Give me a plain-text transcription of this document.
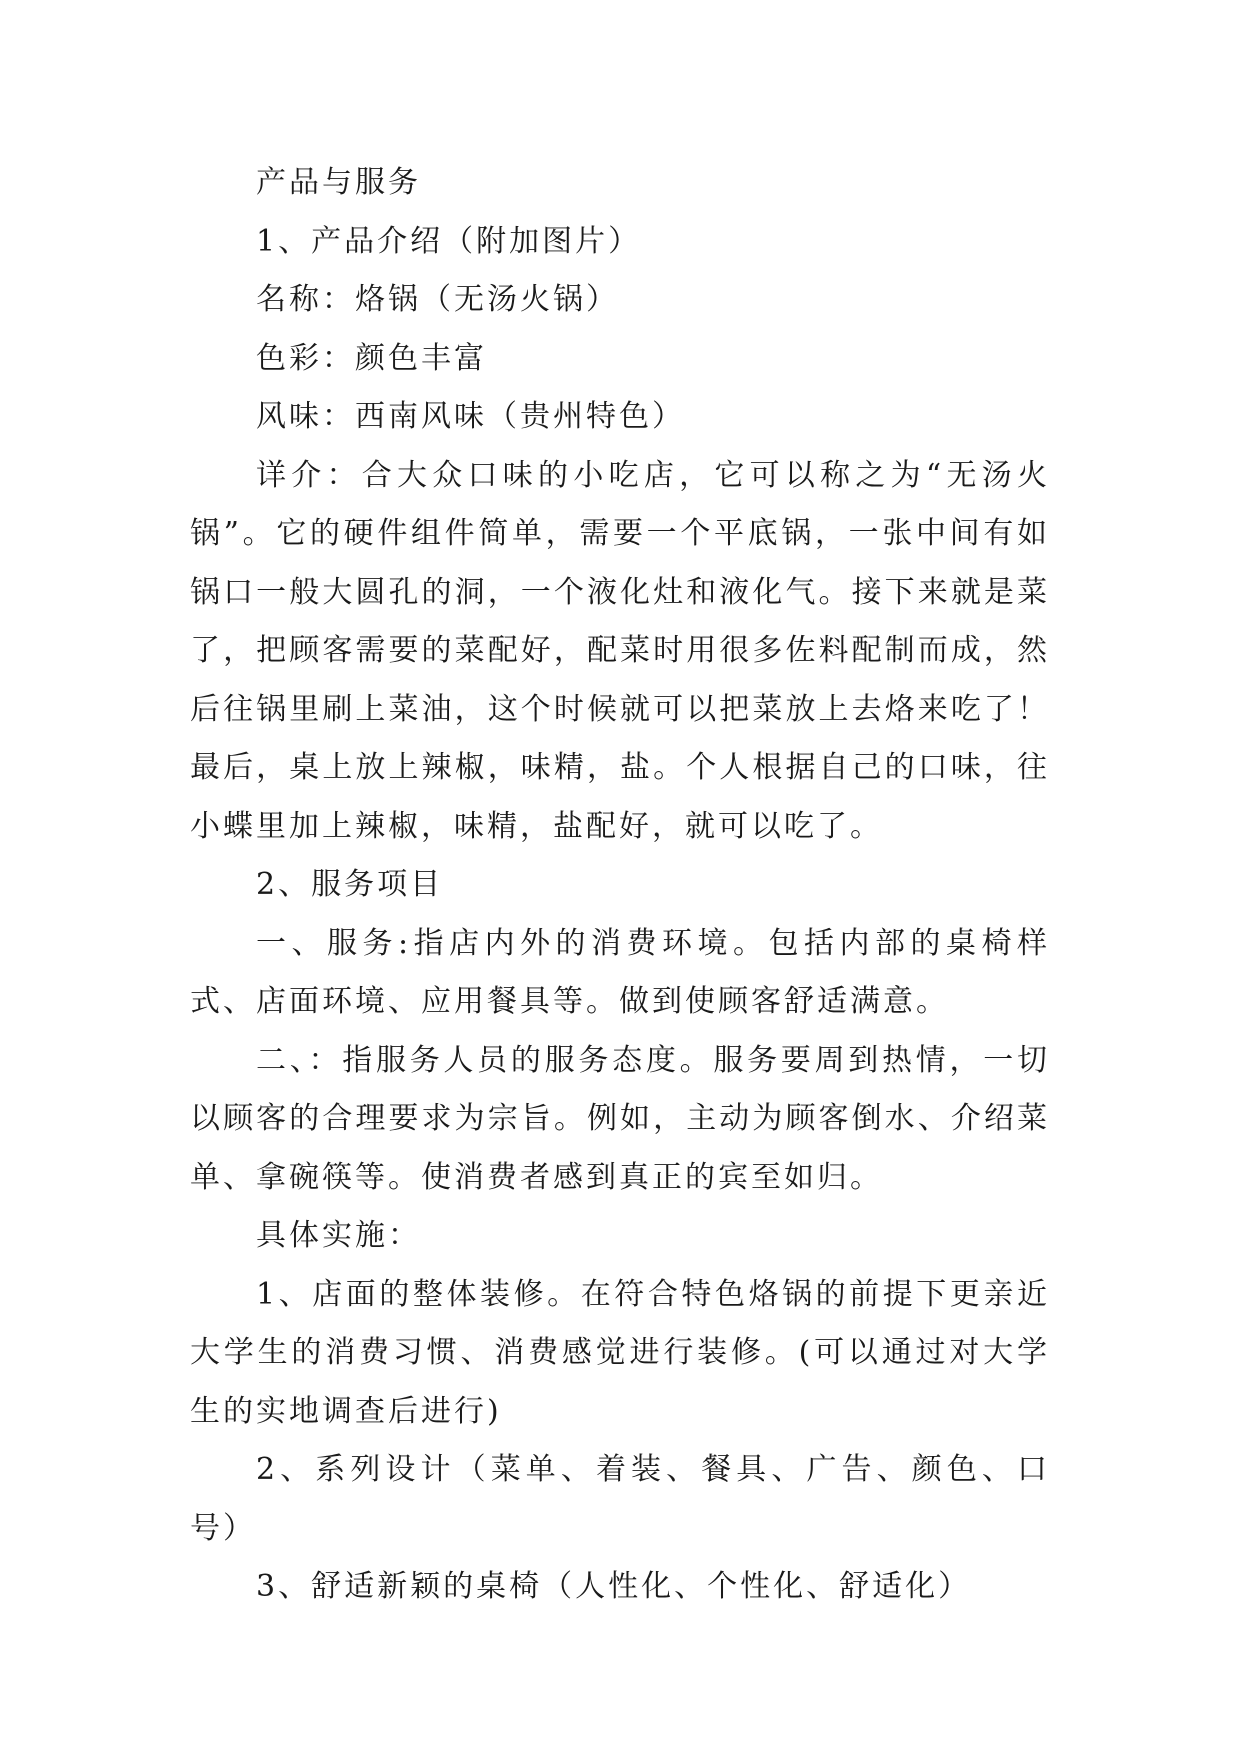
产品与服务

1、产品介绍（附加图片）

名称：烙锅（无汤火锅）

色彩：颜色丰富

风味：西南风味（贵州特色）

详介：合大众口味的小吃店，它可以称之为“无汤火锅”。它的硬件组件简单，需要一个平底锅，一张中间有如锅口一般大圆孔的洞，一个液化灶和液化气。接下来就是菜了，把顾客需要的菜配好，配菜时用很多佐料配制而成，然后往锅里刷上菜油，这个时候就可以把菜放上去烙来吃了！最后，桌上放上辣椒，味精，盐。个人根据自己的口味，往小蝶里加上辣椒，味精，盐配好，就可以吃了。

2、服务项目

一、服务:指店内外的消费环境。包括内部的桌椅样式、店面环境、应用餐具等。做到使顾客舒适满意。

二、：指服务人员的服务态度。服务要周到热情，一切以顾客的合理要求为宗旨。例如，主动为顾客倒水、介绍菜单、拿碗筷等。使消费者感到真正的宾至如归。

具体实施：

1、店面的整体装修。在符合特色烙锅的前提下更亲近大学生的消费习惯、消费感觉进行装修。(可以通过对大学生的实地调查后进行)

2、系列设计（菜单、着装、餐具、广告、颜色、口号）

3、舒适新颖的桌椅（人性化、个性化、舒适化）
